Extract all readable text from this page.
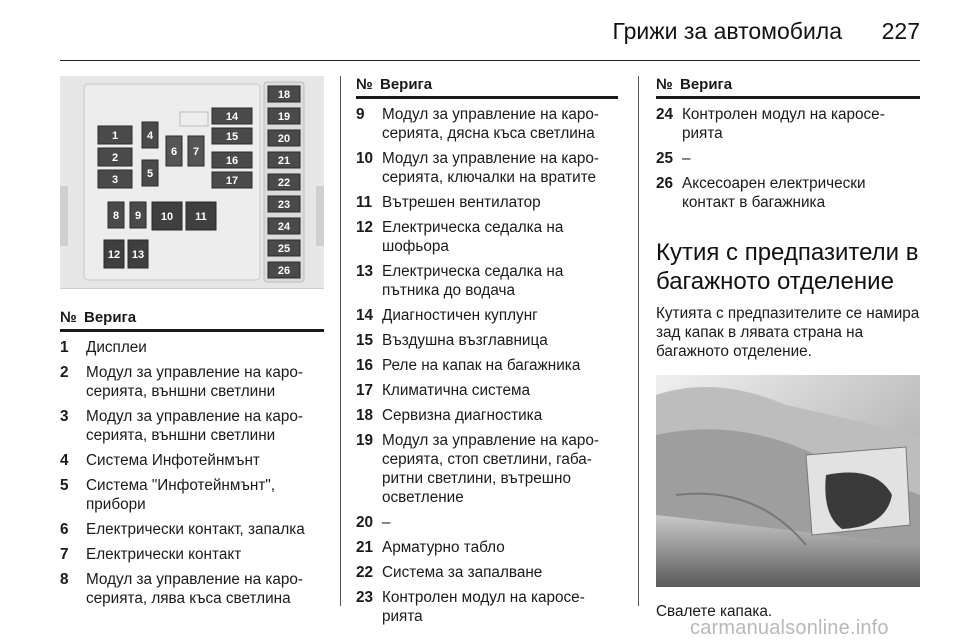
Грижи за автомобила 227
1
2
3
4
5
6 7
14
15
16
17
8 9 10 11
12 13
18
19
20
21
22
23
24
25
26
№ Верига
1	Дисплеи
2	Модул за управление на каро-серията, външни светлини
3	Модул за управление на каро-серията, външни светлини
4	Система Инфотейнмънт
5	Система "Инфотейнмънт", прибори
6	Електрически контакт, запалка
7	Електрически контакт
8	Модул за управление на каро-серията, лява къса светлина
№ Верига
9	Модул за управление на каро-серията, дясна къса светлина
10 Модул за управление на каро-серията, ключалки на вратите
11 Вътрешен вентилатор
12 Електрическа седалка на шофьора
13 Електрическа седалка на пътника до водача
14 Диагностичен куплунг
15 Въздушна възглавница
16 Реле на капак на багажника
17 Климатична система
18 Сервизна диагностика
19 Модул за управление на каро-серията, стоп светлини, габа-ритни светлини, вътрешно осветление
20 –
21 Арматурно табло
22 Система за запалване
23 Контролен модул на каросе-рията
№ Верига
24 Контролен модул на каросе-рията
25 –
26 Аксесоарен електрически контакт в багажника
Кутия с предпазители в багажното отделение
Кутията с предпазителите се намира зад капак в лявата страна на багажното отделение.
Свалете капака.
carmanualsonline.info
